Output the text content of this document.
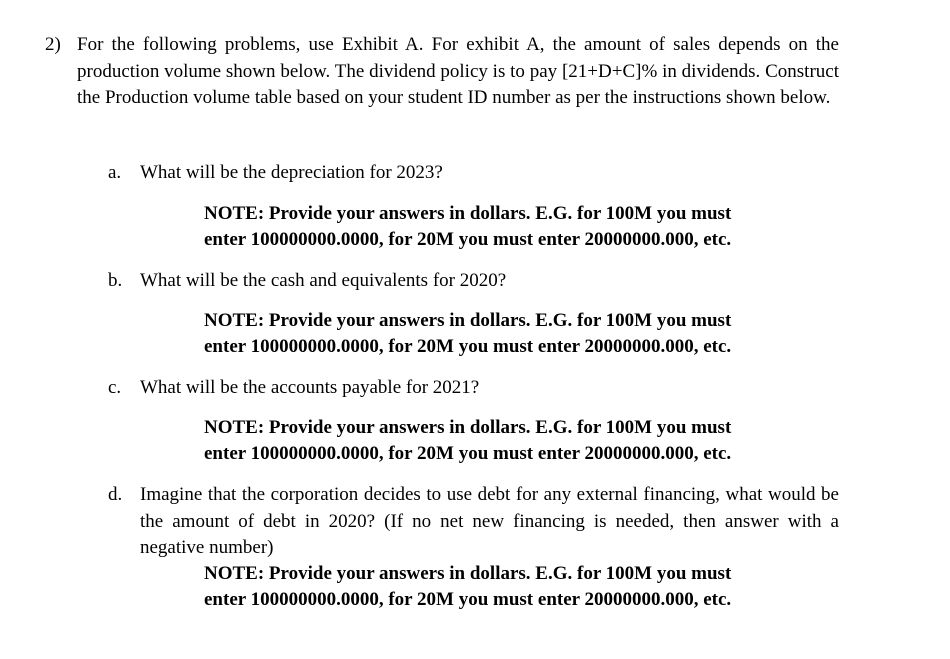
2) For the following problems, use Exhibit A. For exhibit A, the amount of sales depends on the production volume shown below. The dividend policy is to pay [21+D+C]% in dividends. Construct the Production volume table based on your student ID number as per the instructions shown below.
a. What will be the depreciation for 2023?
NOTE: Provide your answers in dollars. E.G. for 100M you must
enter 100000000.0000, for 20M you must enter 20000000.000, etc.
b. What will be the cash and equivalents for 2020?
NOTE: Provide your answers in dollars. E.G. for 100M you must
enter 100000000.0000, for 20M you must enter 20000000.000, etc.
c. What will be the accounts payable for 2021?
NOTE: Provide your answers in dollars. E.G. for 100M you must
enter 100000000.0000, for 20M you must enter 20000000.000, etc.
d. Imagine that the corporation decides to use debt for any external financing, what would be the amount of debt in 2020? (If no net new financing is needed, then answer with a negative number)
NOTE: Provide your answers in dollars. E.G. for 100M you must
enter 100000000.0000, for 20M you must enter 20000000.000, etc.
